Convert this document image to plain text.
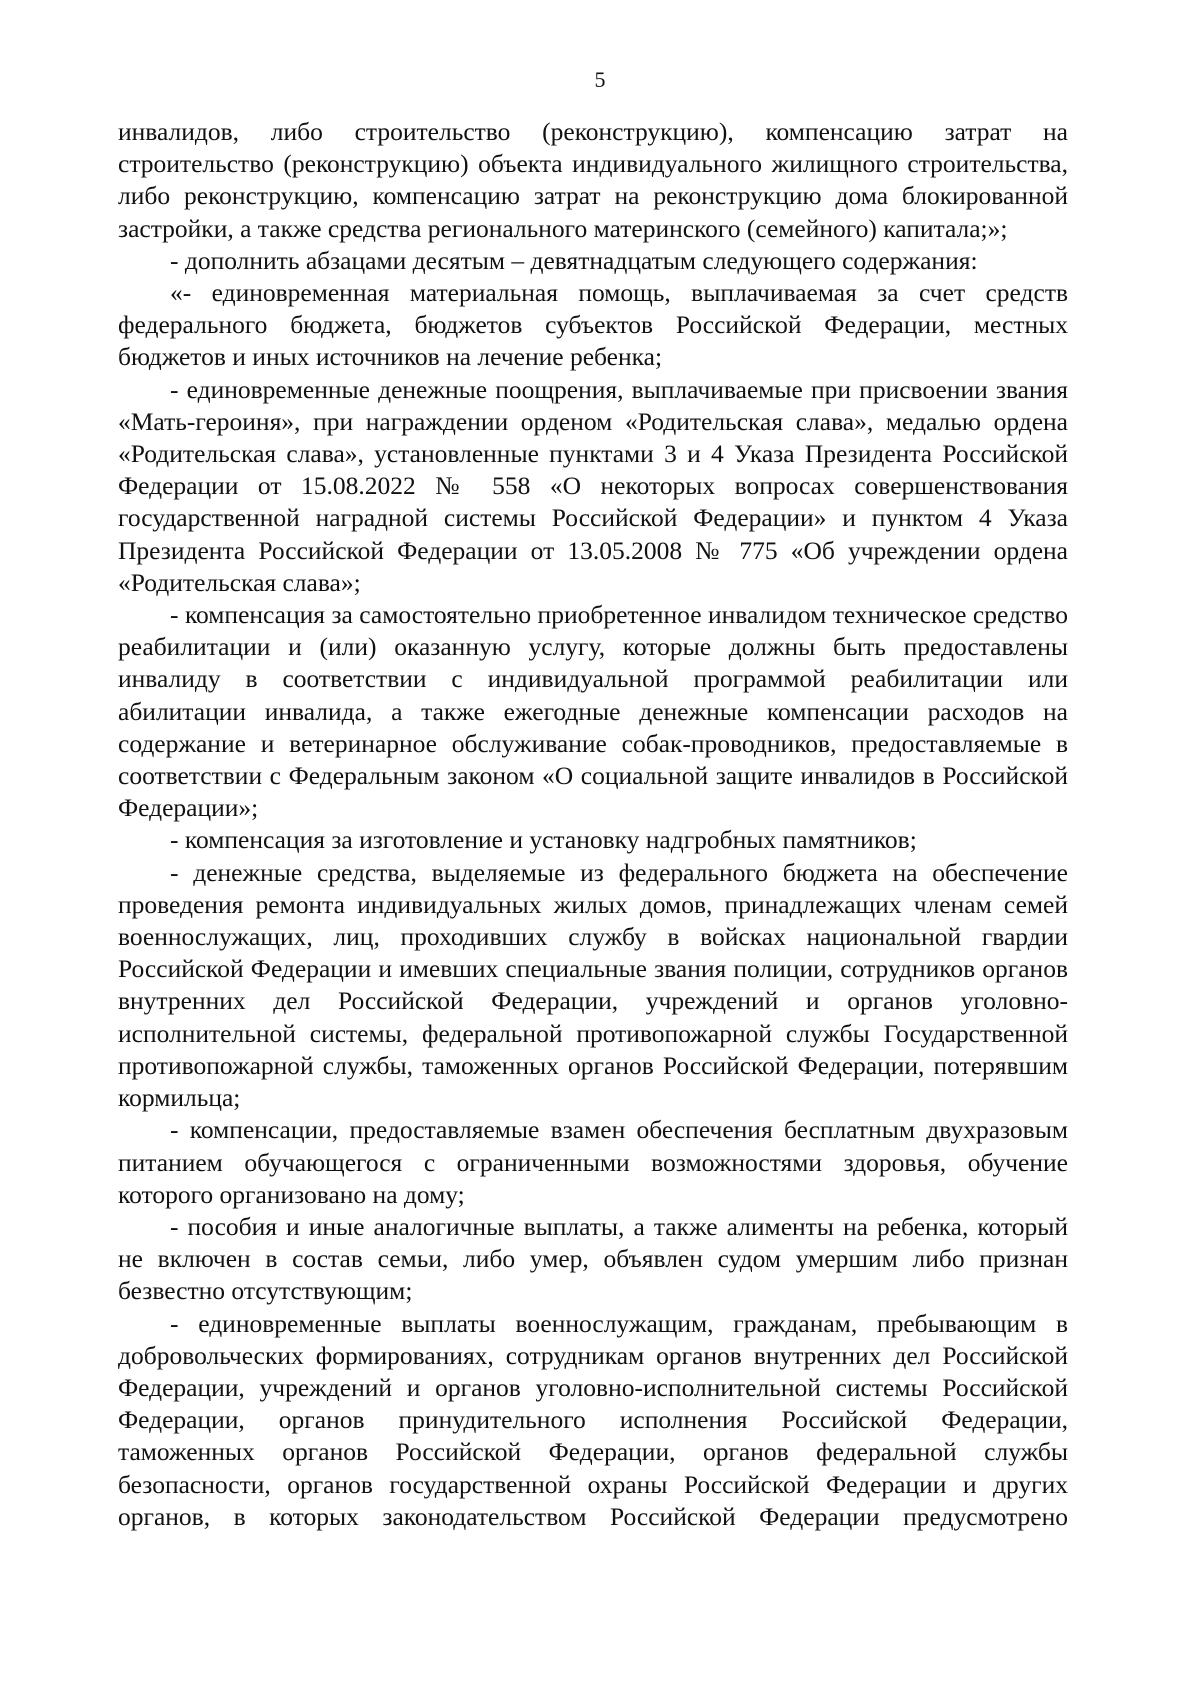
5

инвалидов, либо строительство (реконструкцию), компенсацию затрат на строительство (реконструкцию) объекта индивидуального жилищного строительства, либо реконструкцию, компенсацию затрат на реконструкцию дома блокированной застройки, а также средства регионального материнского (семейного) капитала;»;

- дополнить абзацами десятым – девятнадцатым следующего содержания:

«- единовременная материальная помощь, выплачиваемая за счет средств федерального бюджета, бюджетов субъектов Российской Федерации, местных бюджетов и иных источников на лечение ребенка;

- единовременные денежные поощрения, выплачиваемые при присвоении звания «Мать-героиня», при награждении орденом «Родительская слава», медалью ордена «Родительская слава», установленные пунктами 3 и 4 Указа Президента Российской Федерации от 15.08.2022 № 558 «О некоторых вопросах совершенствования государственной наградной системы Российской Федерации» и пунктом 4 Указа Президента Российской Федерации от 13.05.2008 № 775 «Об учреждении ордена «Родительская слава»;

- компенсация за самостоятельно приобретенное инвалидом техническое средство реабилитации и (или) оказанную услугу, которые должны быть предоставлены инвалиду в соответствии с индивидуальной программой реабилитации или абилитации инвалида, а также ежегодные денежные компенсации расходов на содержание и ветеринарное обслуживание собак-проводников, предоставляемые в соответствии с Федеральным законом «О социальной защите инвалидов в Российской Федерации»;

- компенсация за изготовление и установку надгробных памятников;

- денежные средства, выделяемые из федерального бюджета на обеспечение проведения ремонта индивидуальных жилых домов, принадлежащих членам семей военнослужащих, лиц, проходивших службу в войсках национальной гвардии Российской Федерации и имевших специальные звания полиции, сотрудников органов внутренних дел Российской Федерации, учреждений и органов уголовно-исполнительной системы, федеральной противопожарной службы Государственной противопожарной службы, таможенных органов Российской Федерации, потерявшим кормильца;

- компенсации, предоставляемые взамен обеспечения бесплатным двухразовым питанием обучающегося с ограниченными возможностями здоровья, обучение которого организовано на дому;

- пособия и иные аналогичные выплаты, а также алименты на ребенка, который не включен в состав семьи, либо умер, объявлен судом умершим либо признан безвестно отсутствующим;

- единовременные выплаты военнослужащим, гражданам, пребывающим в добровольческих формированиях, сотрудникам органов внутренних дел Российской Федерации, учреждений и органов уголовно-исполнительной системы Российской Федерации, органов принудительного исполнения Российской Федерации, таможенных органов Российской Федерации, органов федеральной службы безопасности, органов государственной охраны Российской Федерации и других органов, в которых законодательством Российской Федерации предусмотрено
